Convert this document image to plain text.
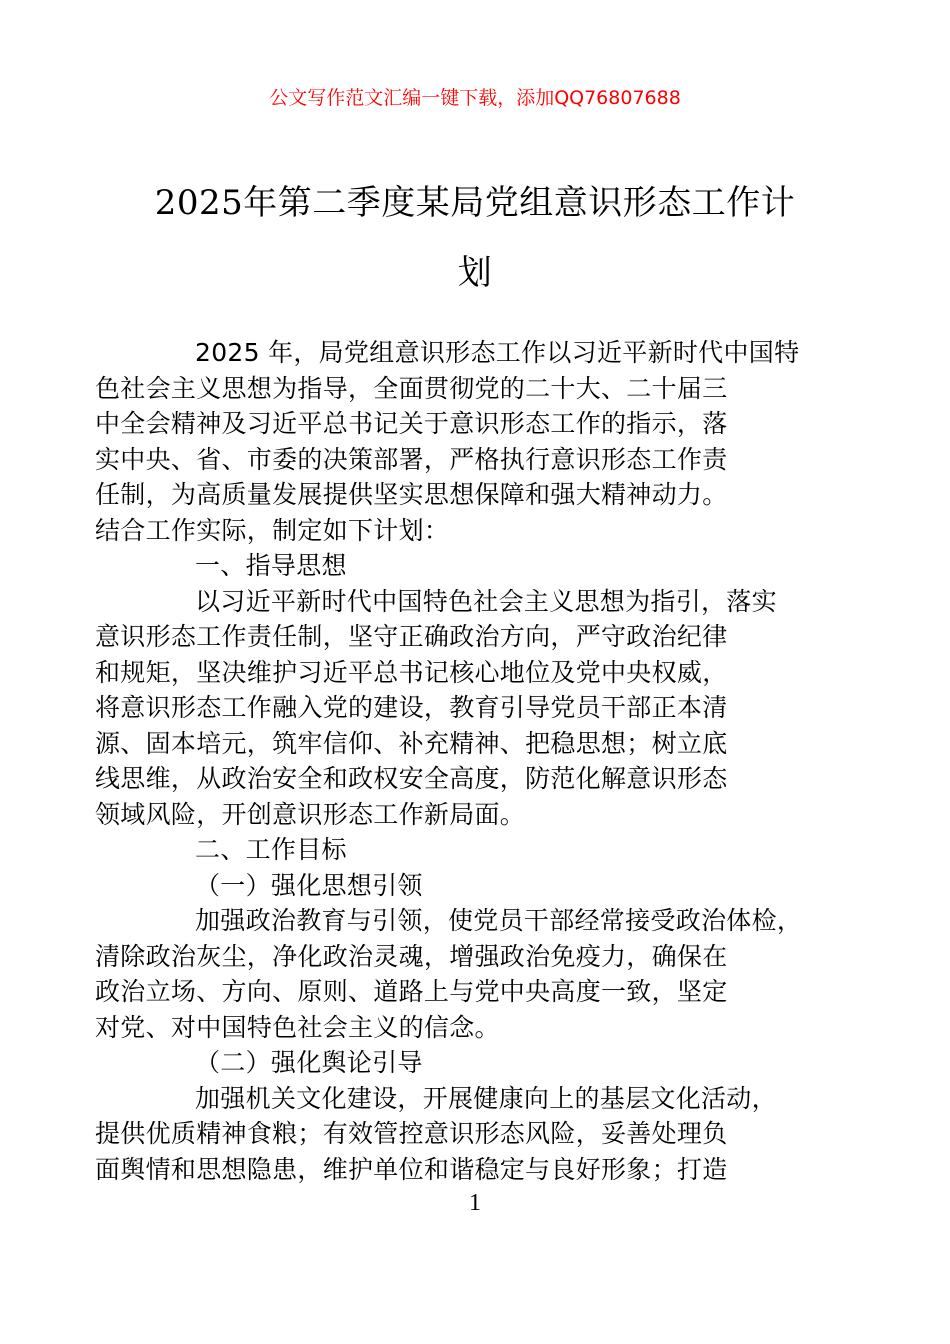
公文写作范文汇编一键下载，添加QQ76807688
2025年第二季度某局党组意识形态工作计
划

2025 年，局党组意识形态工作以习近平新时代中国特
色社会主义思想为指导，全面贯彻党的二十大、二十届三
中全会精神及习近平总书记关于意识形态工作的指示，落
实中央、省、市委的决策部署，严格执行意识形态工作责
任制，为高质量发展提供坚实思想保障和强大精神动力。
结合工作实际，制定如下计划：

一、指导思想

以习近平新时代中国特色社会主义思想为指引，落实
意识形态工作责任制，坚守正确政治方向，严守政治纪律
和规矩，坚决维护习近平总书记核心地位及党中央权威，
将意识形态工作融入党的建设，教育引导党员干部正本清
源、固本培元，筑牢信仰、补充精神、把稳思想；树立底
线思维，从政治安全和政权安全高度，防范化解意识形态
领域风险，开创意识形态工作新局面。

二、工作目标

（一）强化思想引领

加强政治教育与引领，使党员干部经常接受政治体检，
清除政治灰尘，净化政治灵魂，增强政治免疫力，确保在
政治立场、方向、原则、道路上与党中央高度一致，坚定
对党、对中国特色社会主义的信念。

（二）强化舆论引导

加强机关文化建设，开展健康向上的基层文化活动，
提供优质精神食粮；有效管控意识形态风险，妥善处理负
面舆情和思想隐患，维护单位和谐稳定与良好形象；打造

1
